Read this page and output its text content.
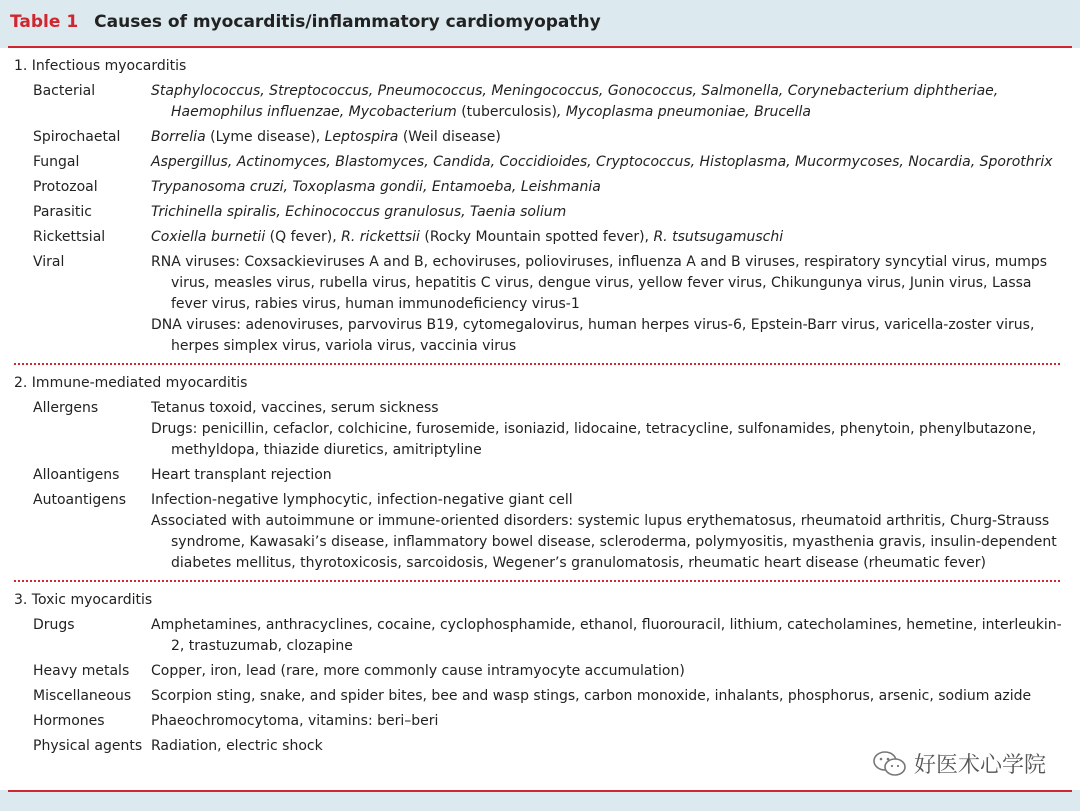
Table 1 Causes of myocarditis/inflammatory cardiomyopathy
1. Infectious myocarditis
Bacterial	Staphylococcus, Streptococcus, Pneumococcus, Meningococcus, Gonococcus, Salmonella, Corynebacterium diphtheriae, Haemophilus influenzae, Mycobacterium (tuberculosis), Mycoplasma pneumoniae, Brucella
Spirochaetal	Borrelia (Lyme disease), Leptospira (Weil disease)
Fungal	Aspergillus, Actinomyces, Blastomyces, Candida, Coccidioides, Cryptococcus, Histoplasma, Mucormycoses, Nocardia, Sporothrix
Protozoal	Trypanosoma cruzi, Toxoplasma gondii, Entamoeba, Leishmania
Parasitic	Trichinella spiralis, Echinococcus granulosus, Taenia solium
Rickettsial	Coxiella burnetii (Q fever), R. rickettsii (Rocky Mountain spotted fever), R. tsutsugamuschi
Viral	RNA viruses: Coxsackieviruses A and B, echoviruses, polioviruses, influenza A and B viruses, respiratory syncytial virus, mumps virus, measles virus, rubella virus, hepatitis C virus, dengue virus, yellow fever virus, Chikungunya virus, Junin virus, Lassa fever virus, rabies virus, human immunodeficiency virus-1
DNA viruses: adenoviruses, parvovirus B19, cytomegalovirus, human herpes virus-6, Epstein-Barr virus, varicella-zoster virus, herpes simplex virus, variola virus, vaccinia virus
2. Immune-mediated myocarditis
Allergens	Tetanus toxoid, vaccines, serum sickness
Drugs: penicillin, cefaclor, colchicine, furosemide, isoniazid, lidocaine, tetracycline, sulfonamides, phenytoin, phenylbutazone, methyldopa, thiazide diuretics, amitriptyline
Alloantigens	Heart transplant rejection
Autoantigens	Infection-negative lymphocytic, infection-negative giant cell
Associated with autoimmune or immune-oriented disorders: systemic lupus erythematosus, rheumatoid arthritis, Churg-Strauss syndrome, Kawasaki’s disease, inflammatory bowel disease, scleroderma, polymyositis, myasthenia gravis, insulin-dependent diabetes mellitus, thyrotoxicosis, sarcoidosis, Wegener’s granulomatosis, rheumatic heart disease (rheumatic fever)
3. Toxic myocarditis
Drugs	Amphetamines, anthracyclines, cocaine, cyclophosphamide, ethanol, fluorouracil, lithium, catecholamines, hemetine, interleukin-2, trastuzumab, clozapine
Heavy metals	Copper, iron, lead (rare, more commonly cause intramyocyte accumulation)
Miscellaneous	Scorpion sting, snake, and spider bites, bee and wasp stings, carbon monoxide, inhalants, phosphorus, arsenic, sodium azide
Hormones	Phaeochromocytoma, vitamins: beri–beri
Physical agents Radiation, electric shock
好医术心学院
